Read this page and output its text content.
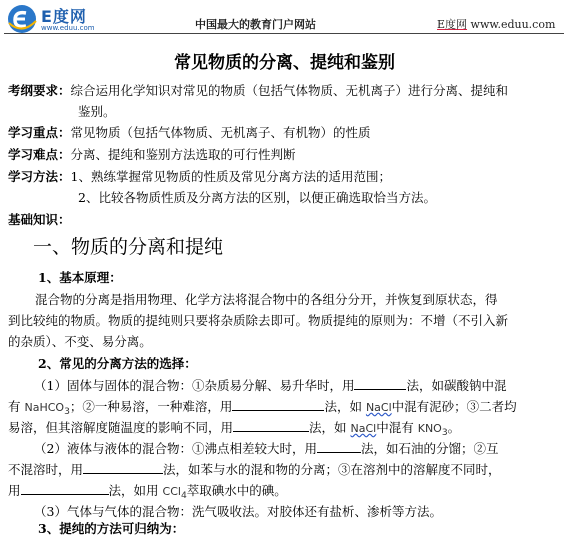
E度网
www.eduu.com	中国最大的教育门户网站	E度网 www.eduu.com
常见物质的分离、提纯和鉴别
考纲要求：综合运用化学知识对常见的物质（包括气体物质、无机离子）进行分离、提纯和
鉴别。
学习重点：常见物质（包括气体物质、无机离子、有机物）的性质
学习难点：分离、提纯和鉴别方法选取的可行性判断
学习方法：1、熟练掌握常见物质的性质及常见分离方法的适用范围；
2、比较各物质性质及分离方法的区别，以便正确选取恰当方法。
基础知识：
一、物质的分离和提纯
1、基本原理：
混合物的分离是指用物理、化学方法将混合物中的各组分分开，并恢复到原状态，得
到比较纯的物质。物质的提纯则只要将杂质除去即可。物质提纯的原则为：不增（不引入新
的杂质）、不变、易分离。
2、常见的分离方法的选择：
（1）固体与固体的混合物：①杂质易分解、易升华时，用	法，如碳酸钠中混
有 NaHCO$_3$；②一种易溶，一种难溶，用	法，如 NaCl中混有泥砂；③二者均
易溶，但其溶解度随温度的影响不同，用	法，如 NaCl中混有 $KNO_3$。
（2）液体与液体的混合物：①沸点相差较大时，用	法，如石油的分馏；②互
不混溶时，用	法，如苯与水的混和物的分离；③在溶剂中的溶解度不同时，
用	法，如用 CCl$_4$萃取碘水中的碘。
（3）气体与气体的混合物：洗气吸收法。对胶体还有盐析、渗析等方法。
3、提纯的方法可归纳为：
